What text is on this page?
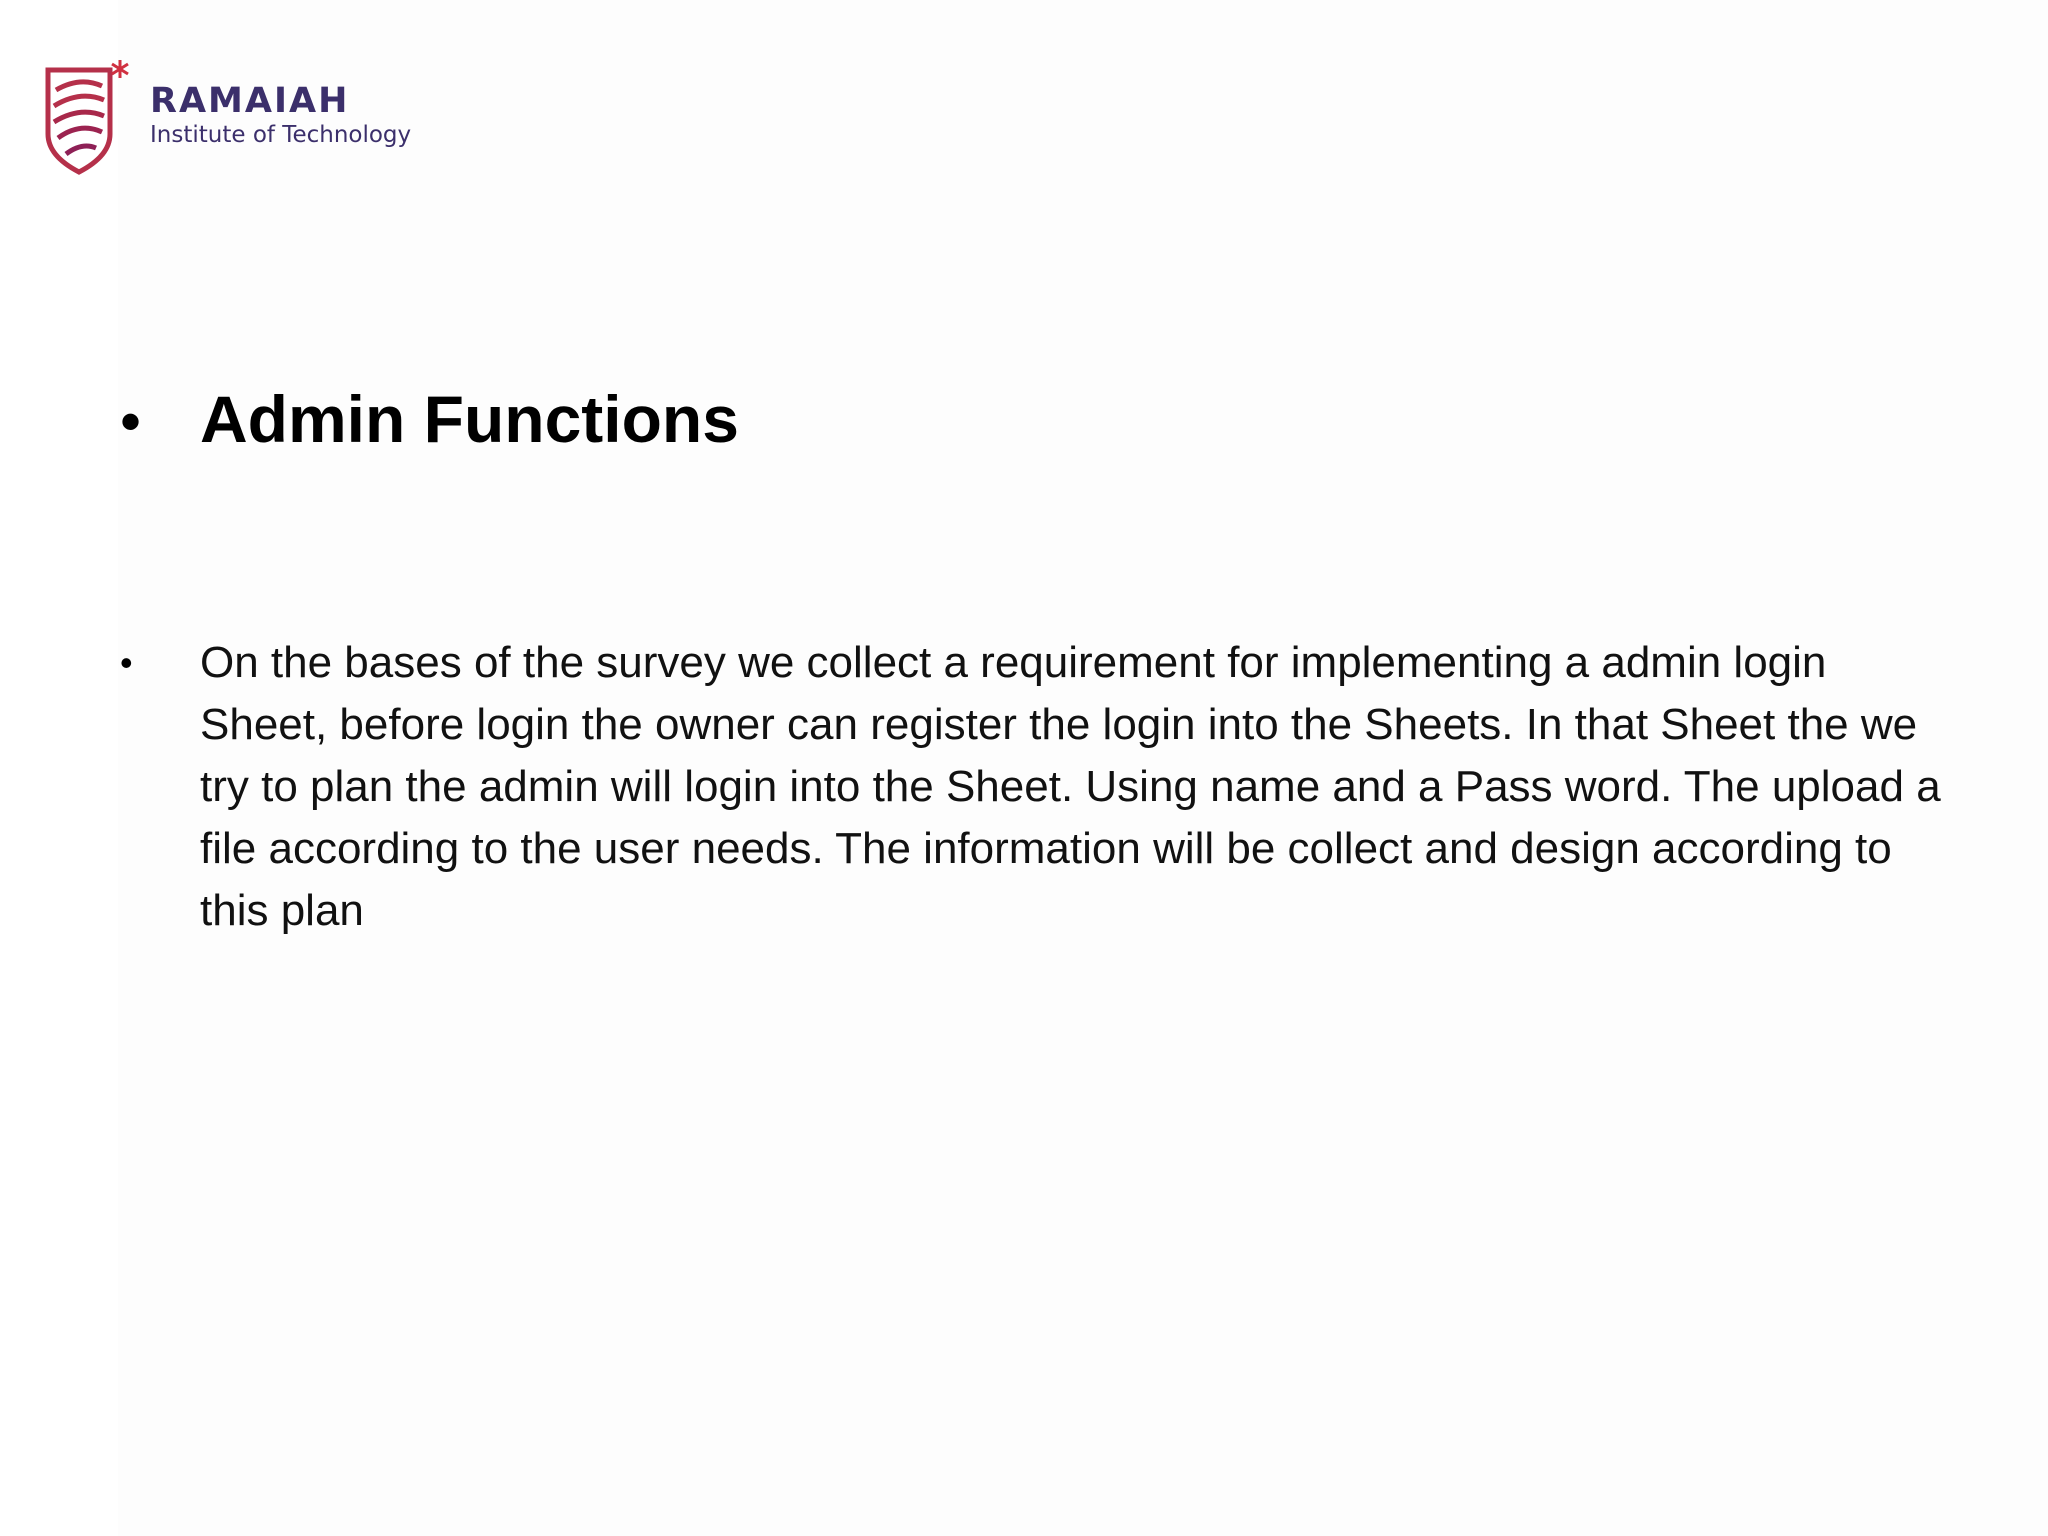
RAMAIAH
Institute of Technology
• Admin Functions
•	On the bases of the survey we collect a requirement for implementing a admin login Sheet, before login the owner can register the login into the Sheets. In that Sheet the we try to plan the admin will login into the Sheet. Using name and a Pass word. The upload a file according to the user needs. The information will be collect and design according to this plan
